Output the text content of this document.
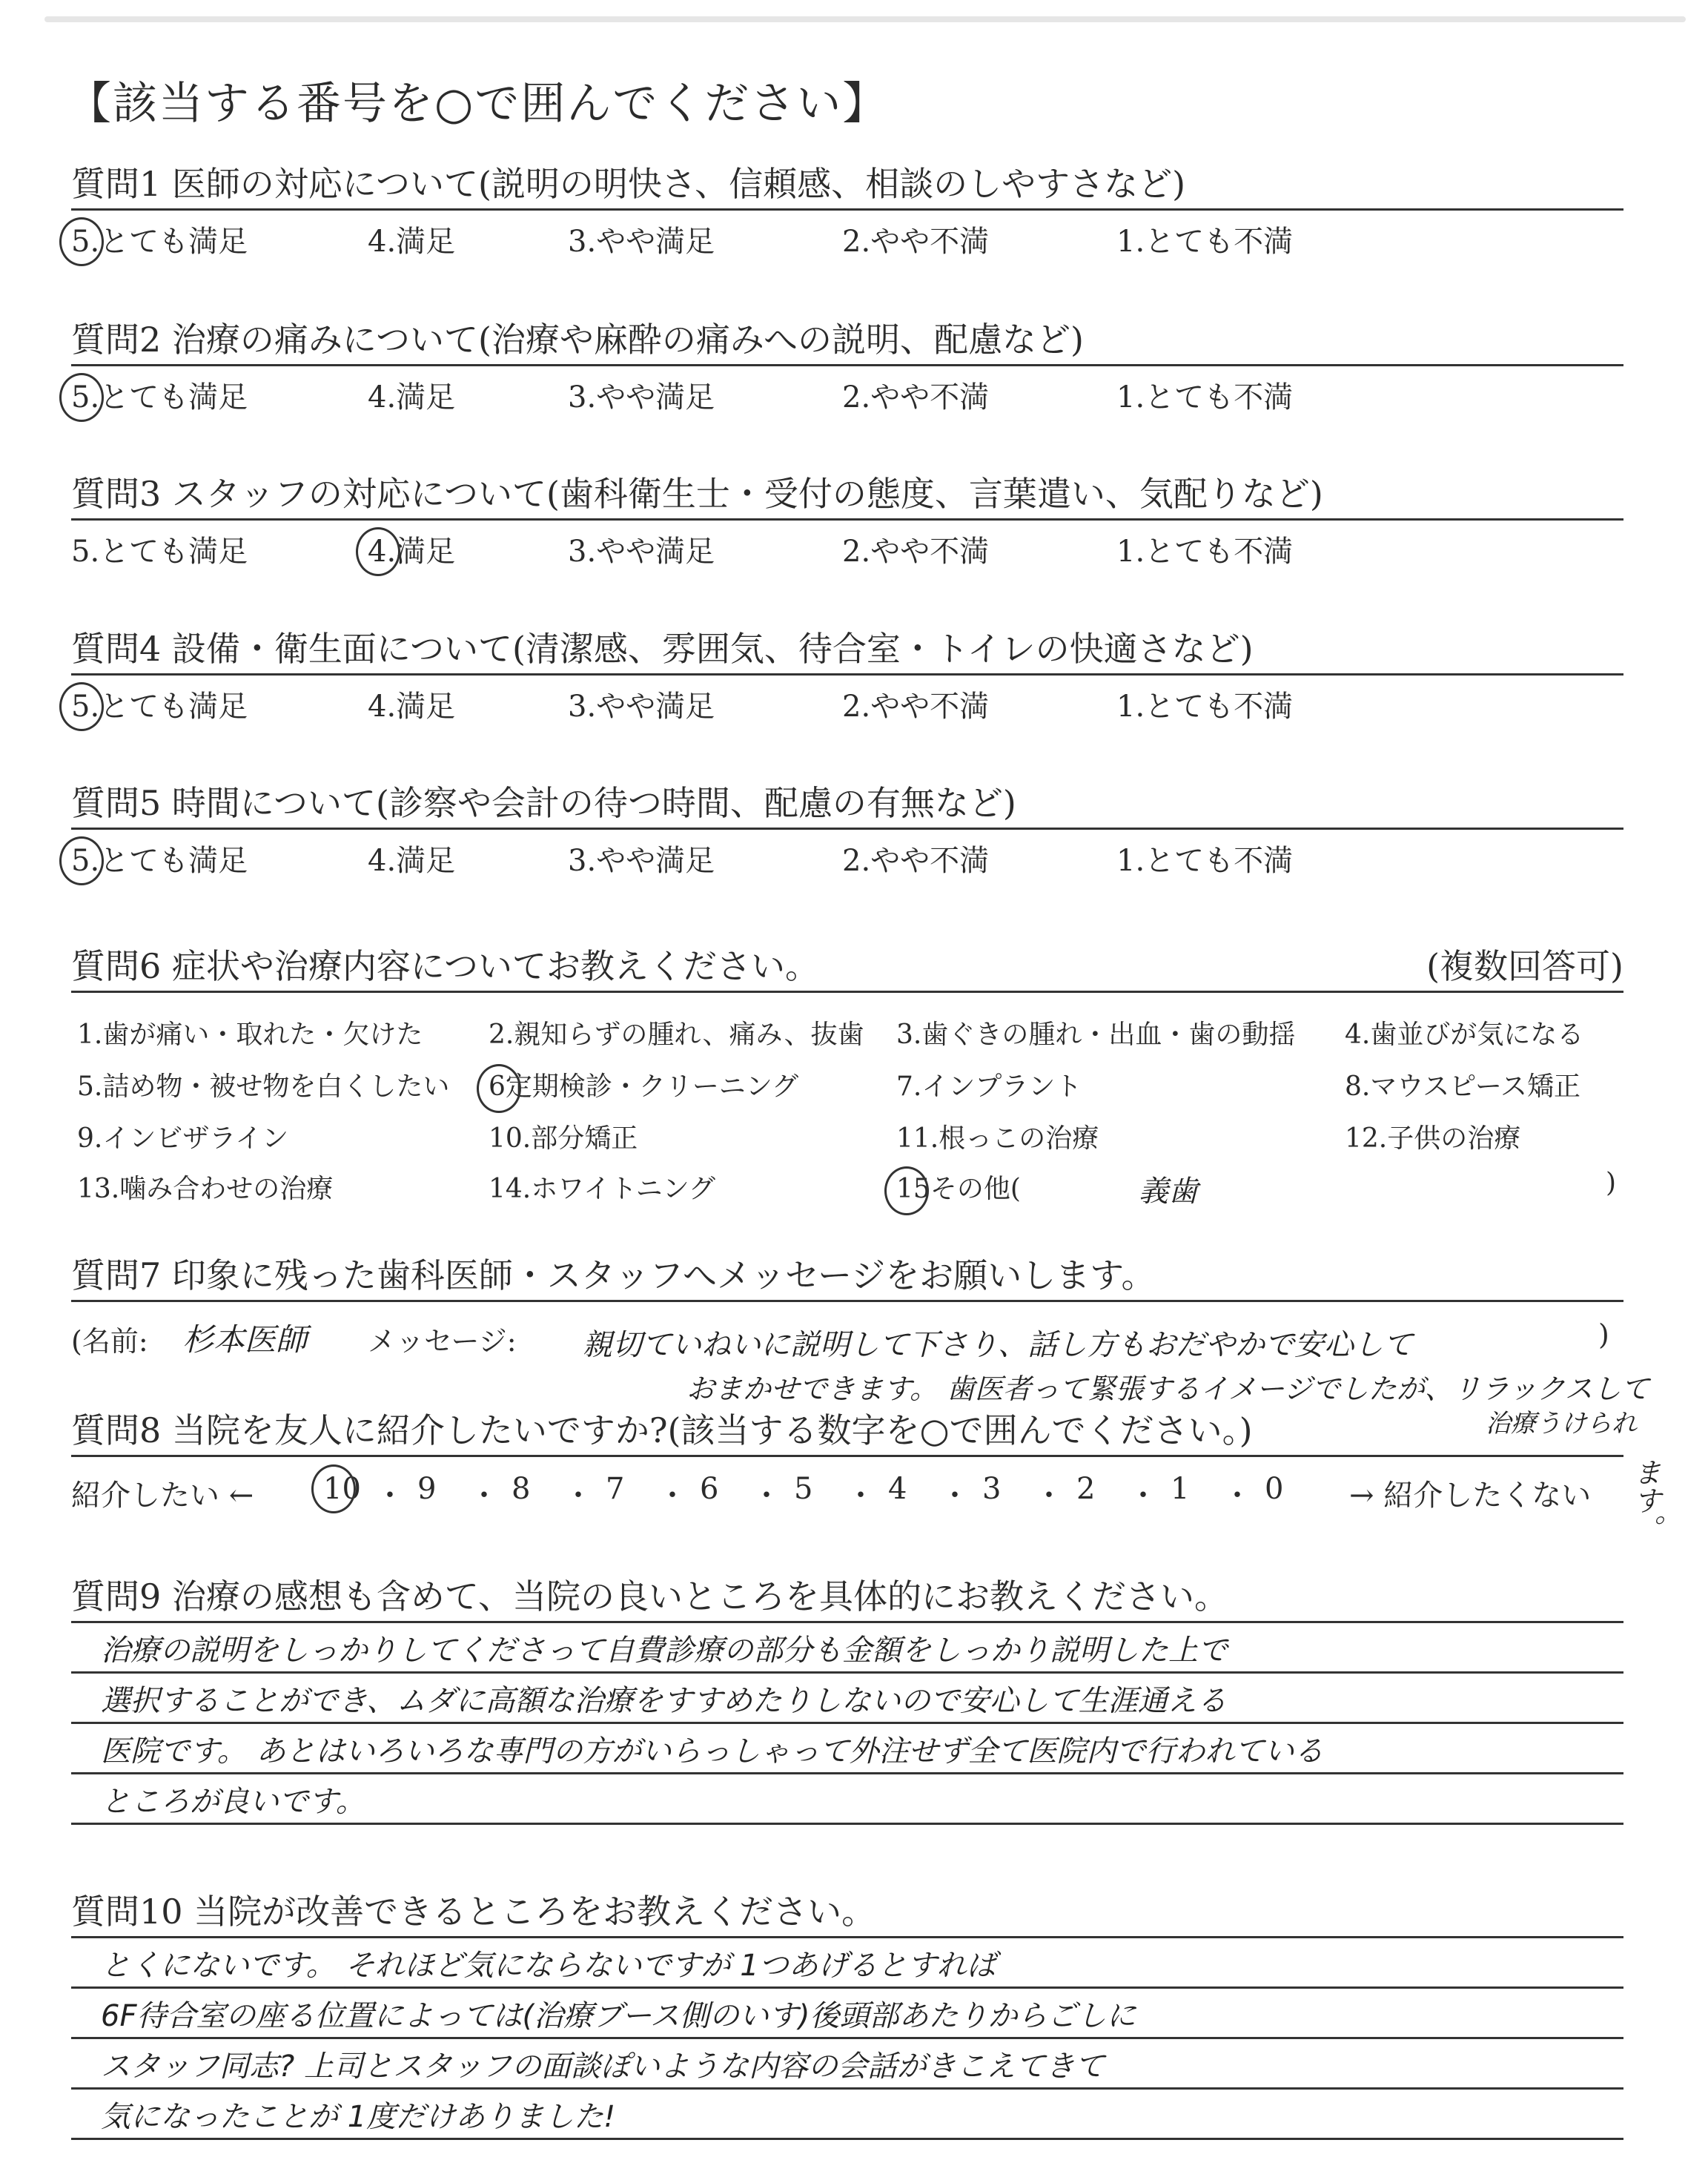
【該当する番号を○で囲んでください】
質問1 医師の対応について(説明の明快さ、信頼感、相談のしやすさなど)
5.とても満足	4.満足	3.やや満足	2.やや不満	1.とても不満
質問2 治療の痛みについて(治療や麻酔の痛みへの説明、配慮など)
5.とても満足	4.満足	3.やや満足	2.やや不満	1.とても不満
質問3 スタッフの対応について(歯科衛生士・受付の態度、言葉遣い、気配りなど)
5.とても満足	4.満足	3.やや満足	2.やや不満	1.とても不満
質問4 設備・衛生面について(清潔感、雰囲気、待合室・トイレの快適さなど)
5.とても満足	4.満足	3.やや満足	2.やや不満	1.とても不満
質問5 時間について(診察や会計の待つ時間、配慮の有無など)
5.とても満足	4.満足	3.やや満足	2.やや不満	1.とても不満
質問6 症状や治療内容についてお教えください。	(複数回答可)
1.歯が痛い・取れた・欠けた 2.親知らずの腫れ、痛み、抜歯 3.歯ぐきの腫れ・出血・歯の動揺 4.歯並びが気になる
5.詰め物・被せ物を白くしたい 6定期検診・クリーニング	7.インプラント	8.マウスピース矯正
9.インビザライン	10.部分矯正	11.根っこの治療	12.子供の治療
13.噛み合わせの治療	14.ホワイトニング	15その他(	義歯	)
質問7 印象に残った歯科医師・スタッフへメッセージをお願いします。
(名前: 杉本医師 メッセージ: 親切ていねいに説明して下さり、話し方もおだやかで安心して	)
おまかせできます。 歯医者って緊張するイメージでしたが、リラックスして
質問8 当院を友人に紹介したいですか?(該当する数字を○で囲んでください。)	治療うけられ
紹介したい ←	→ 紹介したくない
10 ・ 9 ・ 8 ・ 7 ・ 6 ・ 5 ・ 4 ・ 3 ・ 2 ・ 1 ・ 0	ます。
質問9 治療の感想も含めて、当院の良いところを具体的にお教えください。
治療の説明をしっかりしてくださって自費診療の部分も金額をしっかり説明した上で
選択することができ、ムダに高額な治療をすすめたりしないので安心して生涯通える
医院です。 あとはいろいろな専門の方がいらっしゃって外注せず全て医院内で行われている
ところが良いです。
質問10 当院が改善できるところをお教えください。
とくにないです。 それほど気にならないですが 1つあげるとすれば
6F待合室の座る位置によっては(治療ブース側のいす)後頭部あたりからごしに
スタッフ同志? 上司とスタッフの面談ぽいような内容の会話がきこえてきて
気になったことが 1度だけありました!
